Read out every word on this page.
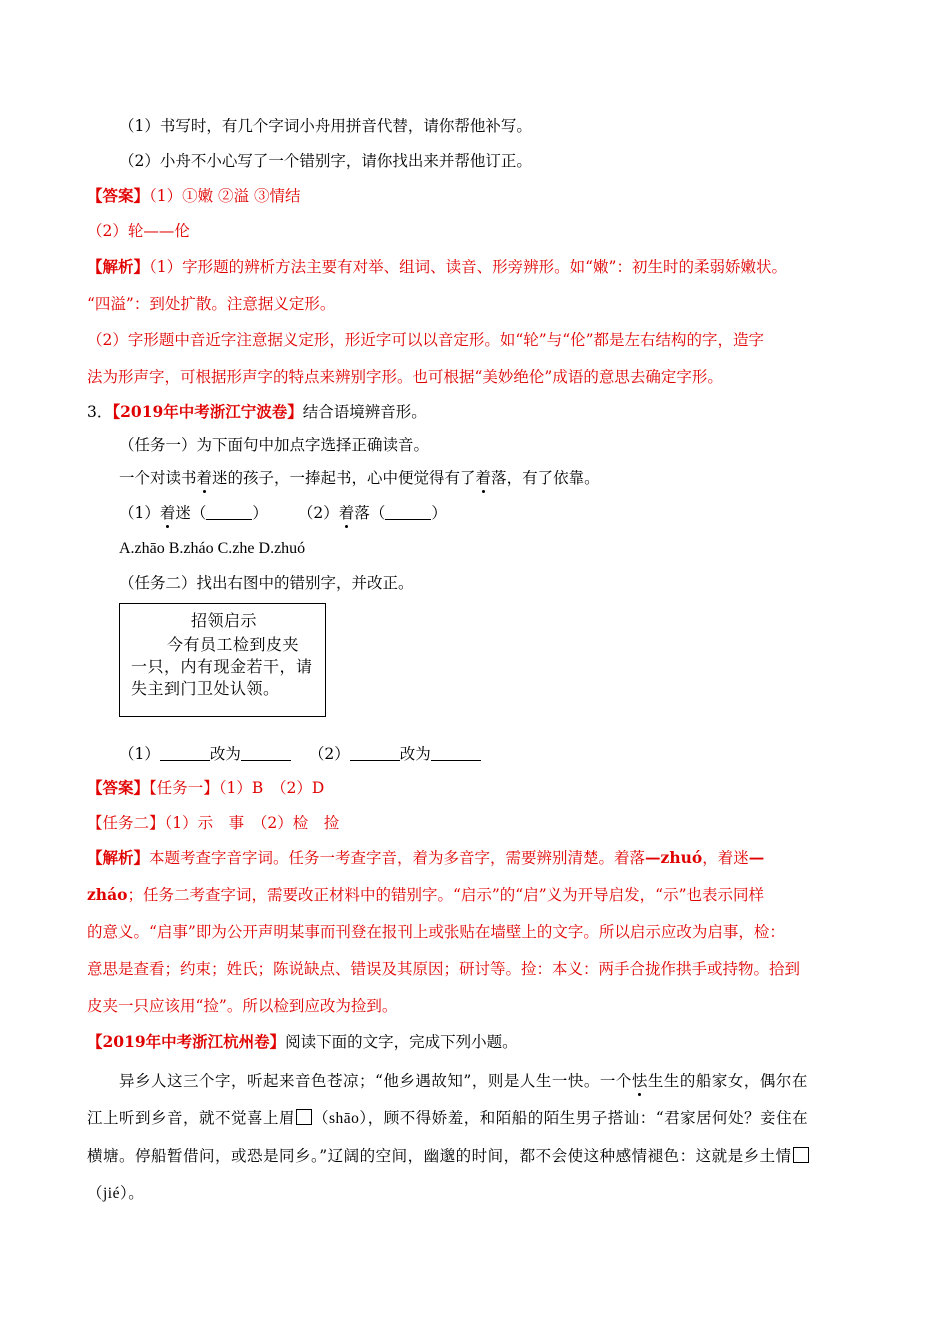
（1）书写时，有几个字词小舟用拼音代替，请你帮他补写。
（2）小舟不小心写了一个错别字，请你找出来并帮他订正。
【答案】（1）①嫩 ②溢 ③情结
（2）轮——伦
【解析】（1）字形题的辨析方法主要有对举、组词、读音、形旁辨形。如“嫩”：初生时的柔弱娇嫩状。
“四溢”：到处扩散。注意据义定形。
（2）字形题中音近字注意据义定形，形近字可以以音定形。如“轮”与“伦”都是左右结构的字，造字
法为形声字，可根据形声字的特点来辨别字形。也可根据“美妙绝伦”成语的意思去确定字形。
3．【2019年中考浙江宁波卷】结合语境辨音形。
（任务一）为下面句中加点字选择正确读音。
一个对读书着迷的孩子，一捧起书，心中便觉得有了着落，有了依靠。
（1）着迷（	） （2）着落（	）
A.zhāo B.zháo C.zhe D.zhuó
（任务二）找出右图中的错别字，并改正。
招领启示
今有员工检到皮夹
一只，内有现金若干，请
失主到门卫处认领。
（1）	改为	（2）	改为
【答案】【任务一】（1）B　（2）D
【任务二】（1）示　事　（2）检　捡
【解析】本题考查字音字词。任务一考查字音，着为多音字，需要辨别清楚。着落—zhuó，着迷—
zháo；任务二考查字词，需要改正材料中的错别字。“启示”的“启”义为开导启发，“示”也表示同样
的意义。“启事”即为公开声明某事而刊登在报刊上或张贴在墙壁上的文字。所以启示应改为启事，检：
意思是查看；约束；姓氏；陈说缺点、错误及其原因；研讨等。捡：本义：两手合拢作拱手或持物。拾到
皮夹一只应该用“捡”。所以检到应改为捡到。
【2019年中考浙江杭州卷】阅读下面的文字，完成下列小题。
异乡人这三个字，听起来音色苍凉；“他乡遇故知”，则是人生一快。一个怯生生的船家女，偶尔在
江上听到乡音，就不觉喜上眉 （shāo），顾不得娇羞，和陌船的陌生男子搭讪：“君家居何处？妾住在
横塘。停船暂借问，或恐是同乡。”辽阔的空间，幽邈的时间，都不会使这种感情褪色：这就是乡土情
（jié）。
